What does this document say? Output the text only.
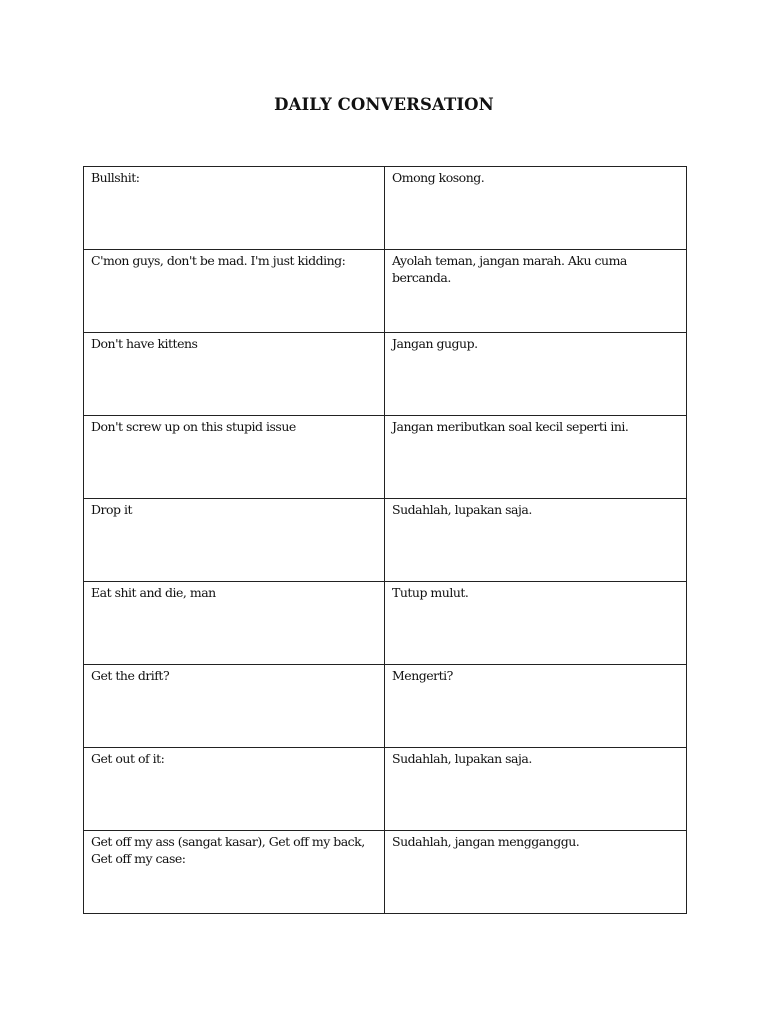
DAILY CONVERSATION
Bullshit:	Omong kosong.
C'mon guys, don't be mad. I'm just kidding:	Ayolah teman, jangan marah. Aku cuma bercanda.
Don't have kittens	Jangan gugup.
Don't screw up on this stupid issue	Jangan meributkan soal kecil seperti ini.
Drop it	Sudahlah, lupakan saja.
Eat shit and die, man	Tutup mulut.
Get the drift?	Mengerti?
Get out of it:	Sudahlah, lupakan saja.
Get off my ass (sangat kasar), Get off my back, Get off my case:	Sudahlah, jangan mengganggu.
